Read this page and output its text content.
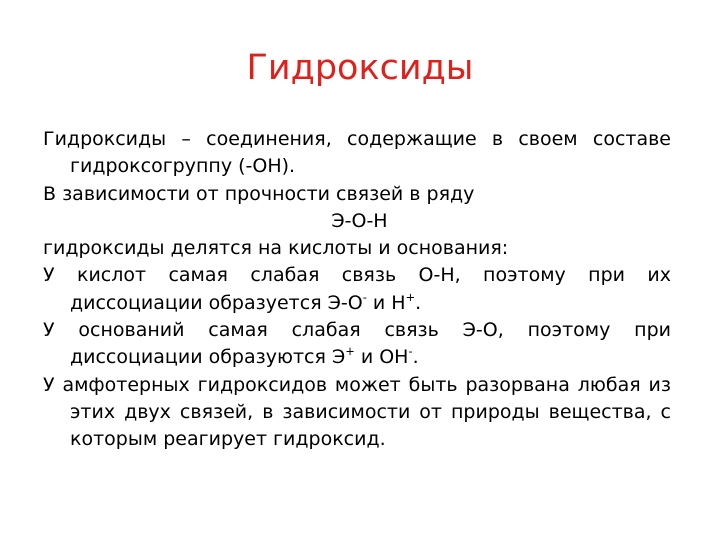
Гидроксиды

Гидроксиды – соединения, содержащие в своем составе гидроксогруппу (-OH).

В зависимости от прочности связей в ряду

Э-О-Н

гидроксиды делятся на кислоты и основания:

У кислот самая слабая связь О-Н, поэтому при их диссоциации образуется Э-О- и Н+.

У оснований самая слабая связь Э-О, поэтому при диссоциации образуются Э+ и ОН-.

У амфотерных гидроксидов может быть разорвана любая из этих двух связей, в зависимости от природы вещества, с которым реагирует гидроксид.
